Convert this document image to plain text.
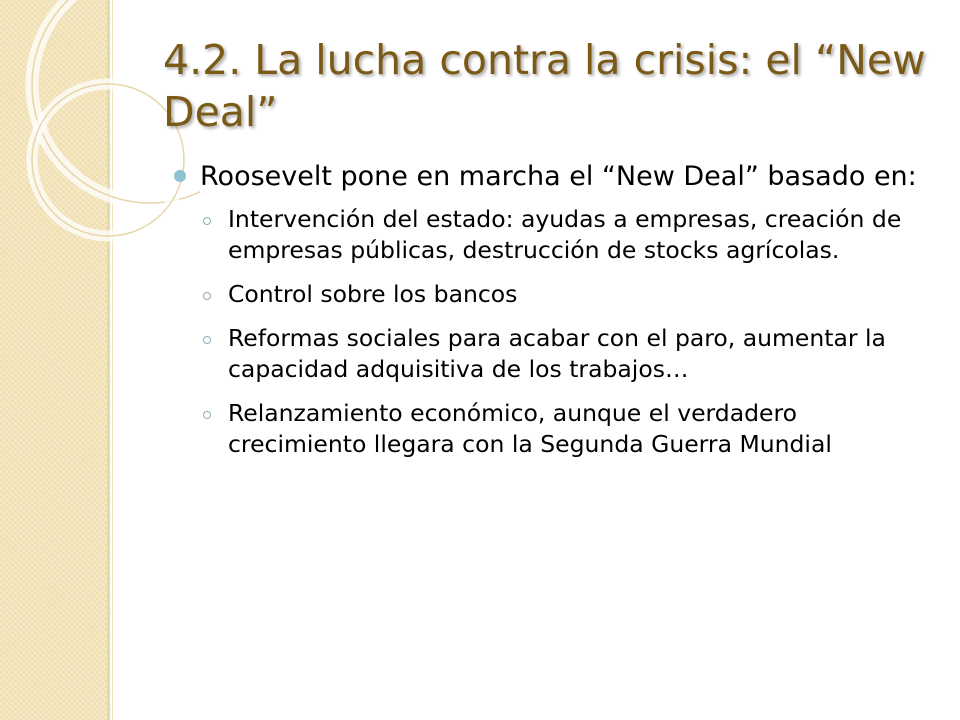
4.2. La lucha contra la crisis: el “New Deal”
Roosevelt pone en marcha el “New Deal” basado en:
Intervención del estado: ayudas a empresas, creación de empresas públicas, destrucción de stocks agrícolas.
Control sobre los bancos
Reformas sociales para acabar con el paro, aumentar la capacidad adquisitiva de los trabajos…
Relanzamiento económico, aunque el verdadero crecimiento llegara con la Segunda Guerra Mundial
